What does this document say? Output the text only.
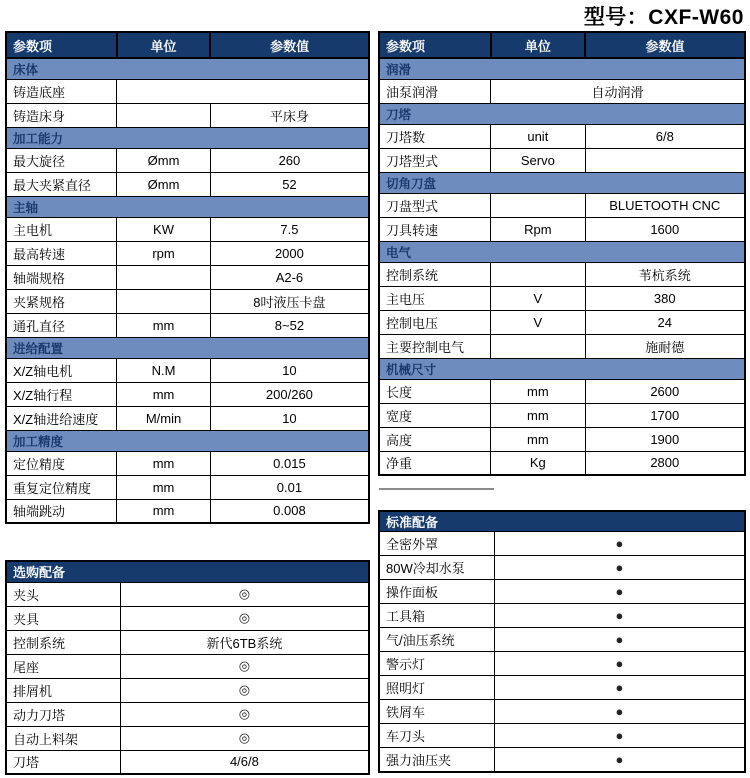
型号：CXF-W60
参数项	单位	参数值
床体		
铸造底座		
铸造床身		平床身
加工能力		
最大旋径	Ømm	260
最大夹紧直径	Ømm	52
主轴		
主电机	KW	7.5
最高转速	rpm	2000
轴端规格		A2-6
夹紧规格		8吋液压卡盘
通孔直径	mm	8~52
进给配置		
X/Z轴电机	N.M	10
X/Z轴行程	mm	200/260
X/Z轴进给速度	M/min	10
加工精度		
定位精度	mm	0.015
重复定位精度	mm	0.01
轴端跳动	mm	0.008
选购配备	
夹头	◎
夹具	◎
控制系统	新代6TB系统
尾座	◎
排屑机	◎
动力刀塔	◎
自动上料架	◎
刀塔	4/6/8
参数项	单位	参数值
润滑		
油泵润滑	自动润滑	
刀塔		
刀塔数	unit	6/8
刀塔型式	Servo	
切角刀盘		
刀盘型式		BLUETOOTH CNC
刀具转速	Rpm	1600
电气		
控制系统		苇杭系统
主电压	V	380
控制电压	V	24
主要控制电气		施耐德
机械尺寸		
长度	mm	2600
宽度	mm	1700
高度	mm	1900
净重	Kg	2800
标准配备	
全密外罩	●
80W冷却水泵	●
操作面板	●
工具箱	●
气/油压系统	●
警示灯	●
照明灯	●
铁屑车	●
车刀头	●
强力油压夹	●
